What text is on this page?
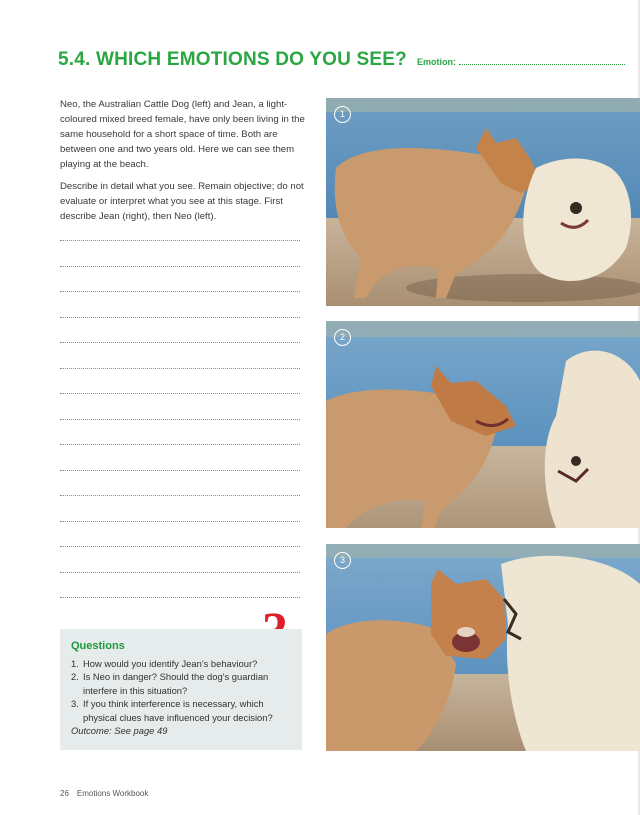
5.4. WHICH EMOTIONS DO YOU SEE? Emotion:

Neo, the Australian Cattle Dog (left) and Jean, a light-coloured mixed breed female, have only been living in the same household for a short space of time. Both are between one and two years old. Here we can see them playing at the beach.

Describe in detail what you see. Remain objective; do not evaluate or interpret what you see at this stage. First describe Jean (right), then Neo (left).

Questions
1. How would you identify Jean's behaviour?
2. Is Neo in danger? Should the dog's guardian interfere in this situation?
3. If you think interference is necessary, which physical clues have influenced your decision?
Outcome: See page 49
1
2
3
26 Emotions Workbook
